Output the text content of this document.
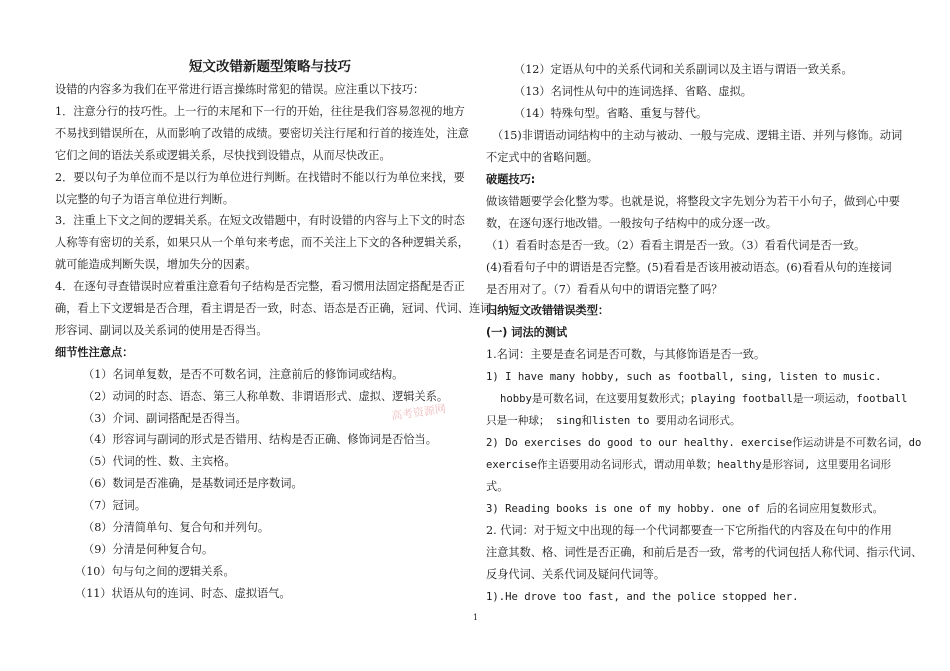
短文改错新题型策略与技巧
设错的内容多为我们在平常进行语言操练时常犯的错误。应注重以下技巧：
1．注意分行的技巧性。上一行的末尾和下一行的开始，往往是我们容易忽视的地方
不易找到错误所在，从而影响了改错的成绩。要密切关注行尾和行首的接连处，注意
它们之间的语法关系或逻辑关系，尽快找到设错点，从而尽快改正。
2．要以句子为单位而不是以行为单位进行判断。在找错时不能以行为单位来找，要
以完整的句子为语言单位进行判断。
3．注重上下文之间的逻辑关系。在短文改错题中，有时设错的内容与上下文的时态
人称等有密切的关系，如果只从一个单句来考虑，而不关注上下文的各种逻辑关系，
就可能造成判断失误，增加失分的因素。
4．在逐句寻查错误时应着重注意看句子结构是否完整，看习惯用法固定搭配是否正
确，看上下文逻辑是否合理，看主谓是否一致，时态、语态是否正确，冠词、代词、连词、
形容词、副词以及关系词的使用是否得当。
细节性注意点：
（1）名词单复数，是否不可数名词，注意前后的修饰词或结构。
（2）动词的时态、语态、第三人称单数、非谓语形式、虚拟、逻辑关系。
（3）介词、副词搭配是否得当。
（4）形容词与副词的形式是否错用、结构是否正确、修饰词是否恰当。
（5）代词的性、数、主宾格。
（6）数词是否准确，是基数词还是序数词。
（7）冠词。
（8）分清简单句、复合句和并列句。
（9）分清是何种复合句。
（10）句与句之间的逻辑关系。
（11）状语从句的连词、时态、虚拟语气。
（12）定语从句中的关系代词和关系副词以及主语与谓语一致关系。
（13）名词性从句中的连词选择、省略、虚拟。
（14）特殊句型。省略、重复与替代。
（15)非谓语动词结构中的主动与被动、一般与完成、逻辑主语、并列与修饰。动词
不定式中的省略问题。
破题技巧:
做该错题要学会化整为零。也就是说，将整段文字先划分为若干小句子，做到心中要
数，在逐句逐行地改错。一般按句子结构中的成分逐一改。
（1）看看时态是否一致。（2）看看主谓是否一致。（3）看看代词是否一致。
(4)看看句子中的谓语是否完整。(5)看看是否该用被动语态。(6)看看从句的连接词
是否用对了。（7）看看从句中的谓语完整了吗？
归纳短文改错错误类型：
(一) 词法的测试
1.名词：主要是查名词是否可数，与其修饰语是否一致。
1) I have many hobby, such as football, sing, listen to music.
hobby是可数名词，在这要用复数形式；playing football是一项运动，football
只是一种球； sing和listen to 要用动名词形式。
2) Do exercises do good to our healthy. exercise作运动讲是不可数名词，do
exercise作主语要用动名词形式，谓动用单数；healthy是形容词, 这里要用名词形
式。
3) Reading books is one of my hobby. one of 后的名词应用复数形式。
2. 代词：对于短文中出现的每一个代词都要查一下它所指代的内容及在句中的作用
注意其数、格、词性是否正确，和前后是否一致，常考的代词包括人称代词、指示代词、
反身代词、关系代词及疑问代词等。
1).He drove too fast, and the police stopped her.
高考资源网
1
